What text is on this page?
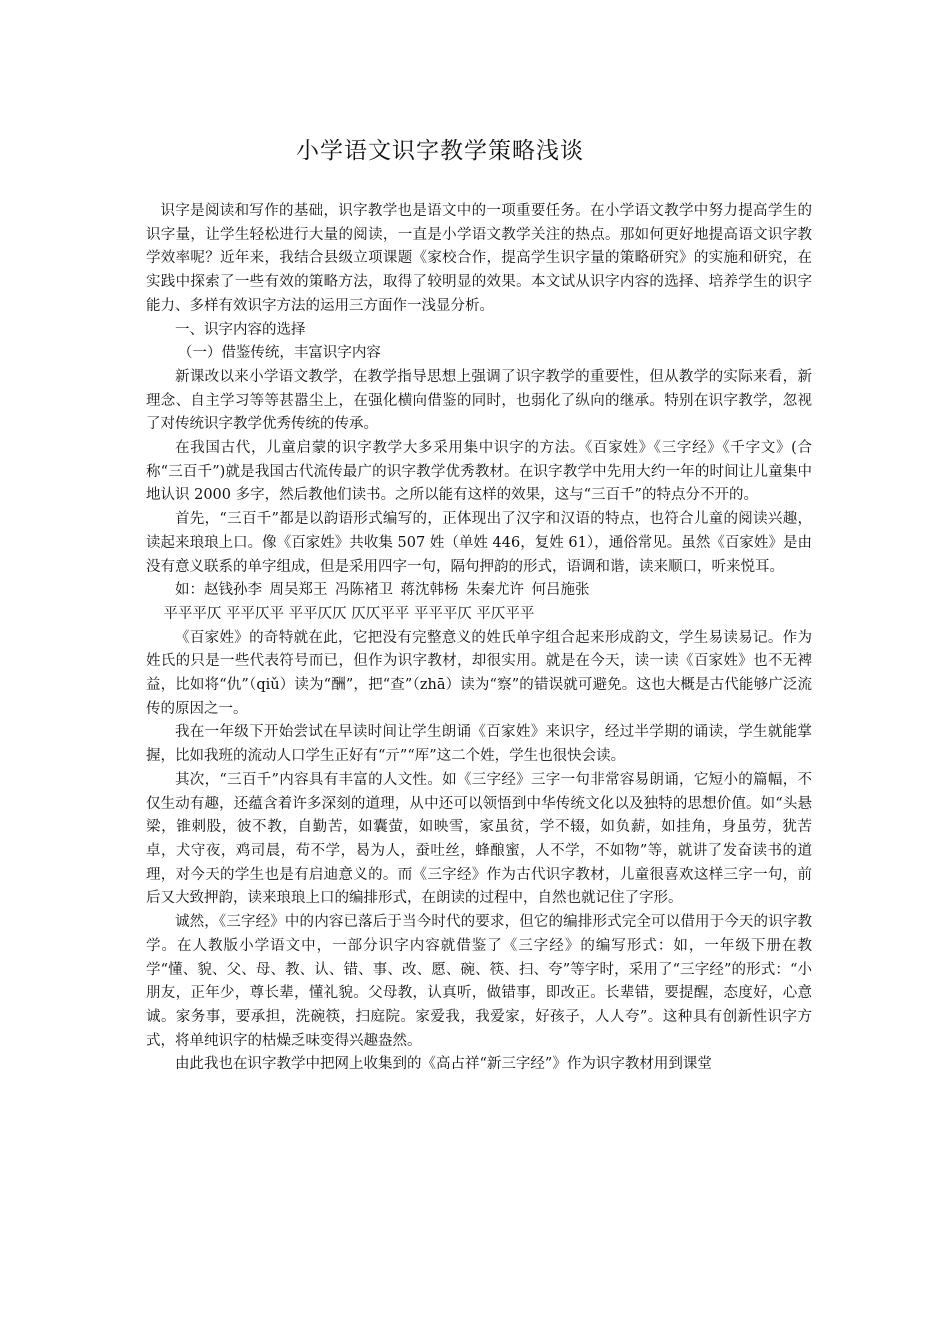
小学语文识字教学策略浅谈

识字是阅读和写作的基础，识字教学也是语文中的一项重要任务。在小学语文教学中努力提高学生的识字量，让学生轻松进行大量的阅读，一直是小学语文教学关注的热点。那如何更好地提高语文识字教学效率呢？近年来，我结合县级立项课题《家校合作，提高学生识字量的策略研究》的实施和研究，在实践中探索了一些有效的策略方法，取得了较明显的效果。本文试从识字内容的选择、培养学生的识字能力、多样有效识字方法的运用三方面作一浅显分析。

一、识字内容的选择

（一）借鉴传统，丰富识字内容

新课改以来小学语文教学，在教学指导思想上强调了识字教学的重要性，但从教学的实际来看，新理念、自主学习等等甚嚣尘上，在强化横向借鉴的同时，也弱化了纵向的继承。特别在识字教学，忽视了对传统识字教学优秀传统的传承。

在我国古代，儿童启蒙的识字教学大多采用集中识字的方法。《百家姓》《三字经》《千字文》(合称“三百千”)就是我国古代流传最广的识字教学优秀教材。在识字教学中先用大约一年的时间让儿童集中地认识 2000 多字，然后教他们读书。之所以能有这样的效果，这与“三百千”的特点分不开的。

首先，“三百千”都是以韵语形式编写的，正体现出了汉字和汉语的特点，也符合儿童的阅读兴趣，读起来琅琅上口。像《百家姓》共收集 507 姓（单姓 446，复姓 61），通俗常见。虽然《百家姓》是由没有意义联系的单字组成，但是采用四字一句，隔句押韵的形式，语调和谐，读来顺口，听来悦耳。

如：赵钱孙李 周吴郑王 冯陈褚卫 蒋沈韩杨 朱秦尤许 何吕施张

平平平仄 平平仄平 平平仄仄 仄仄平平 平平平仄 平仄平平

《百家姓》的奇特就在此，它把没有完整意义的姓氏单字组合起来形成韵文，学生易读易记。作为姓氏的只是一些代表符号而已，但作为识字教材，却很实用。就是在今天，读一读《百家姓》也不无裨益，比如将“仇”（qiǔ）读为“酬”，把“查”（zhā）读为“察”的错误就可避免。这也大概是古代能够广泛流传的原因之一。

我在一年级下开始尝试在早读时间让学生朗诵《百家姓》来识字，经过半学期的诵读，学生就能掌握，比如我班的流动人口学生正好有“亓”“厍”这二个姓，学生也很快会读。

其次，“三百千”内容具有丰富的人文性。如《三字经》三字一句非常容易朗诵，它短小的篇幅，不仅生动有趣，还蕴含着许多深刻的道理，从中还可以领悟到中华传统文化以及独特的思想价值。如“头悬梁，锥刺股，彼不教，自勤苦，如囊萤，如映雪，家虽贫，学不辍，如负薪，如挂角，身虽劳，犹苦卓，犬守夜，鸡司晨，苟不学，曷为人，蚕吐丝，蜂酿蜜，人不学，不如物”等，就讲了发奋读书的道理，对今天的学生也是有启迪意义的。而《三字经》作为古代识字教材，儿童很喜欢这样三字一句，前后又大致押韵，读来琅琅上口的编排形式，在朗读的过程中，自然也就记住了字形。

诚然，《三字经》中的内容已落后于当今时代的要求，但它的编排形式完全可以借用于今天的识字教学。在人教版小学语文中，一部分识字内容就借鉴了《三字经》的编写形式：如，一年级下册在教学“懂、貌、父、母、教、认、错、事、改、愿、碗、筷、扫、夸”等字时，采用了“三字经”的形式：“小朋友，正年少，尊长辈，懂礼貌。父母教，认真听，做错事，即改正。长辈错，要提醒，态度好，心意诚。家务事，要承担，洗碗筷，扫庭院。家爱我，我爱家，好孩子，人人夸”。这种具有创新性识字方式，将单纯识字的枯燥乏味变得兴趣盎然。

由此我也在识字教学中把网上收集到的《高占祥“新三字经”》作为识字教材用到课堂
